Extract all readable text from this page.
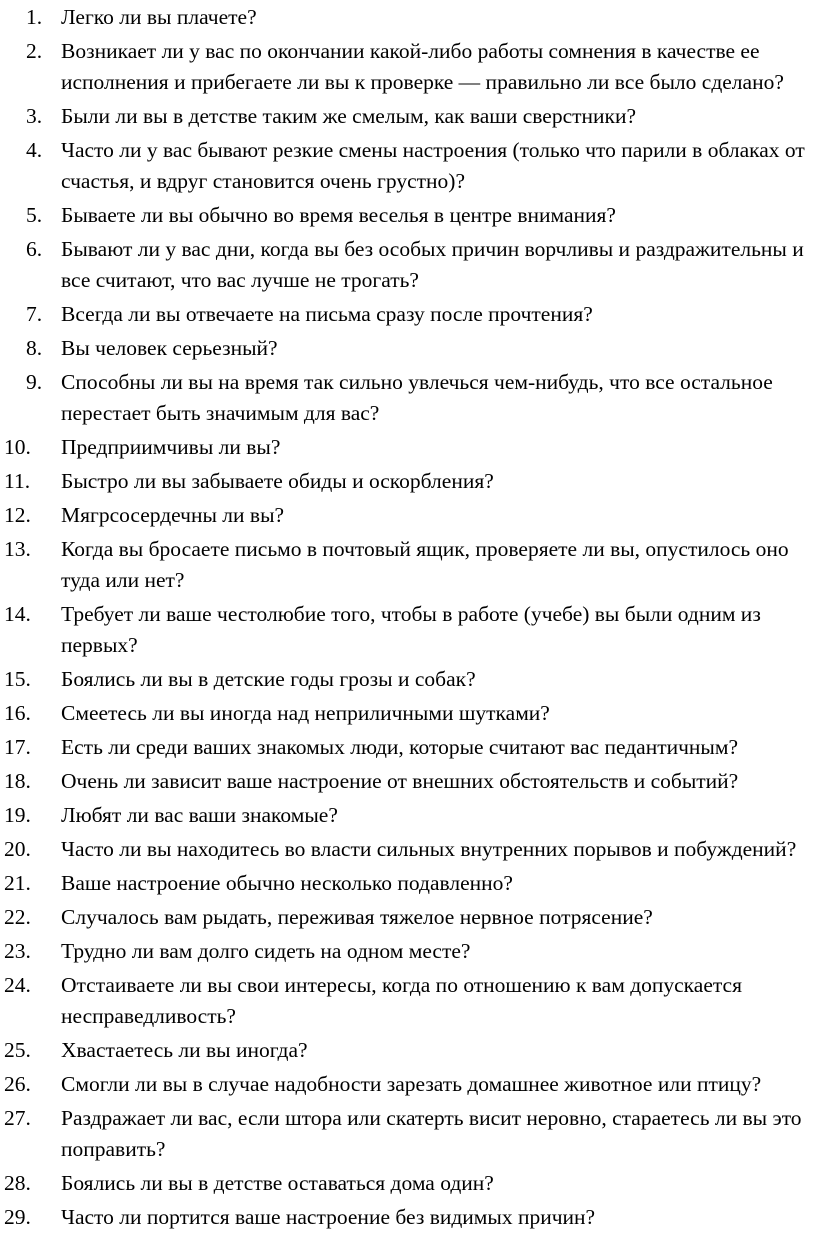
1. Легко ли вы плачете?
2. Возникает ли у вас по окончании какой-либо работы сомнения в качестве ее исполнения и прибегаете ли вы к проверке — правильно ли все было сделано?
3. Были ли вы в детстве таким же смелым, как ваши сверстники?
4. Часто ли у вас бывают резкие смены настроения (только что парили в облаках от счастья, и вдруг становится очень грустно)?
5. Бываете ли вы обычно во время веселья в центре внимания?
6. Бывают ли у вас дни, когда вы без особых причин ворчливы и раздражительны и все считают, что вас лучше не трогать?
7. Всегда ли вы отвечаете на письма сразу после прочтения?
8. Вы человек серьезный?
9. Способны ли вы на время так сильно увлечься чем-нибудь, что все остальное перестает быть значимым для вас?
10.	Предприимчивы ли вы?
11.	Быстро ли вы забываете обиды и оскорбления?
12.	Мягрсосердечны ли вы?
13.	Когда вы бросаете письмо в почтовый ящик, проверяете ли вы, опустилось оно туда или нет?
14.	Требует ли ваше честолюбие того, чтобы в работе (учебе) вы были одним из первых?
15.	Боялись ли вы в детские годы грозы и собак?
16.	Смеетесь ли вы иногда над неприличными шутками?
17.	Есть ли среди ваших знакомых люди, которые считают вас педантичным?
18.	Очень ли зависит ваше настроение от внешних обстоятельств и событий?
19.	Любят ли вас ваши знакомые?
20.	Часто ли вы находитесь во власти сильных внутренних порывов и побуждений?
21.	Ваше настроение обычно несколько подавленно?
22.	Случалось вам рыдать, переживая тяжелое нервное потрясение?
23.	Трудно ли вам долго сидеть на одном месте?
24.	Отстаиваете ли вы свои интересы, когда по отношению к вам допускается несправедливость?
25.	Хвастаетесь ли вы иногда?
26.	Смогли ли вы в случае надобности зарезать домашнее животное или птицу?
27.	Раздражает ли вас, если штора или скатерть висит неровно, стараетесь ли вы это поправить?
28.	Боялись ли вы в детстве оставаться дома один?
29.	Часто ли портится ваше настроение без видимых причин?
